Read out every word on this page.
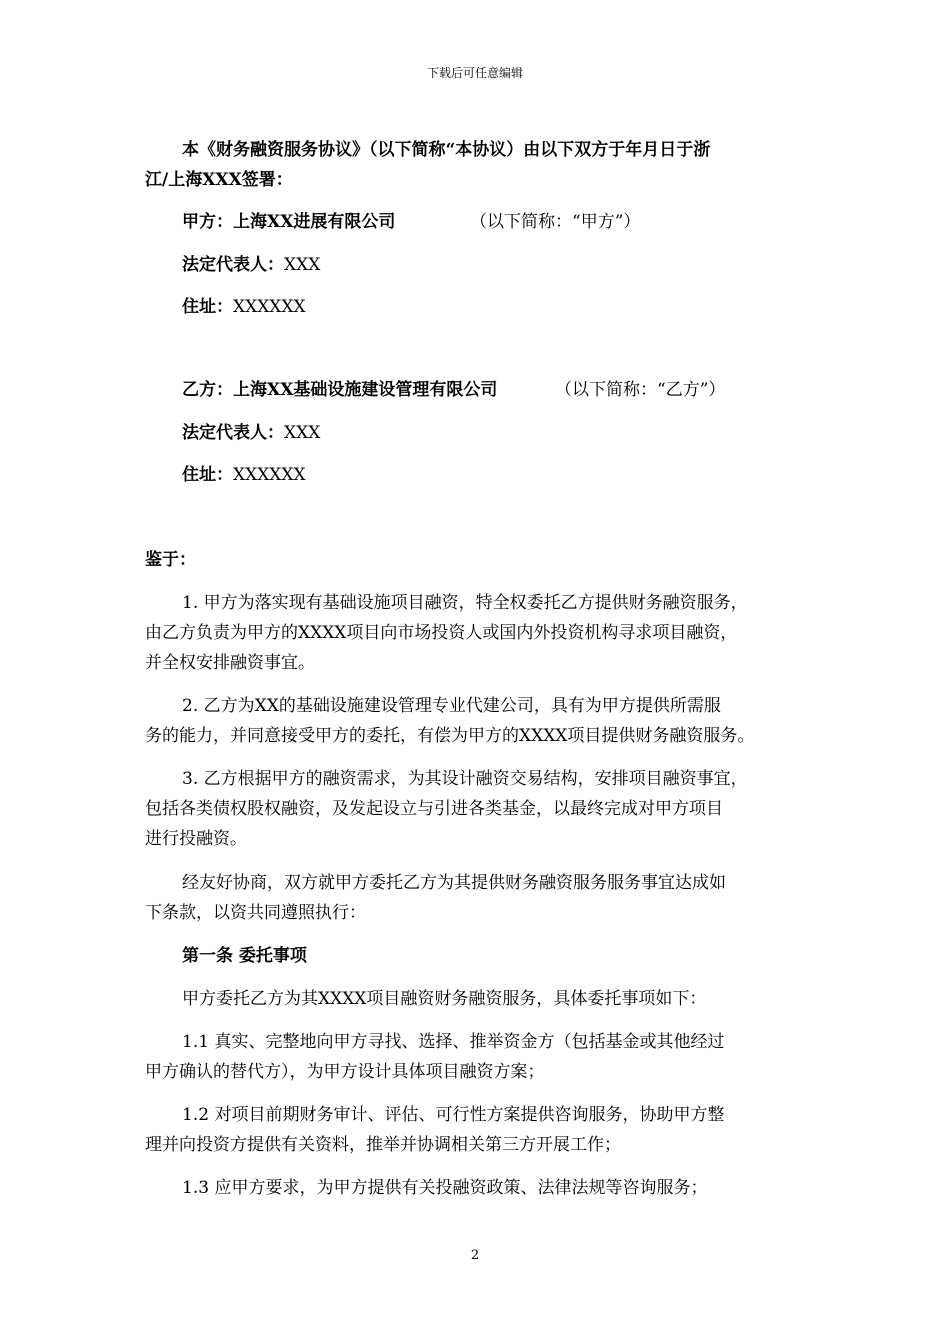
下载后可任意编辑
本《财务融资服务协议》（以下简称“本协议）由以下双方于年月日于浙
江/上海XXX签署：
甲方：上海XX进展有限公司	（以下简称：“甲方”）
法定代表人：XXX
住址：XXXXXX
乙方：上海XX基础设施建设管理有限公司	（以下简称：“乙方”）
法定代表人：XXX
住址：XXXXXX
鉴于：
1. 甲方为落实现有基础设施项目融资，特全权委托乙方提供财务融资服务，
由乙方负责为甲方的XXXX项目向市场投资人或国内外投资机构寻求项目融资，
并全权安排融资事宜。
2. 乙方为XX的基础设施建设管理专业代建公司，具有为甲方提供所需服
务的能力，并同意接受甲方的委托，有偿为甲方的XXXX项目提供财务融资服务。
3. 乙方根据甲方的融资需求，为其设计融资交易结构，安排项目融资事宜，
包括各类债权股权融资，及发起设立与引进各类基金，以最终完成对甲方项目
进行投融资。
经友好协商，双方就甲方委托乙方为其提供财务融资服务服务事宜达成如
下条款，以资共同遵照执行：
第一条 委托事项
甲方委托乙方为其XXXX项目融资财务融资服务，具体委托事项如下：
1.1 真实、完整地向甲方寻找、选择、推举资金方（包括基金或其他经过
甲方确认的替代方），为甲方设计具体项目融资方案；
1.2 对项目前期财务审计、评估、可行性方案提供咨询服务，协助甲方整
理并向投资方提供有关资料，推举并协调相关第三方开展工作；
1.3 应甲方要求，为甲方提供有关投融资政策、法律法规等咨询服务；
2
